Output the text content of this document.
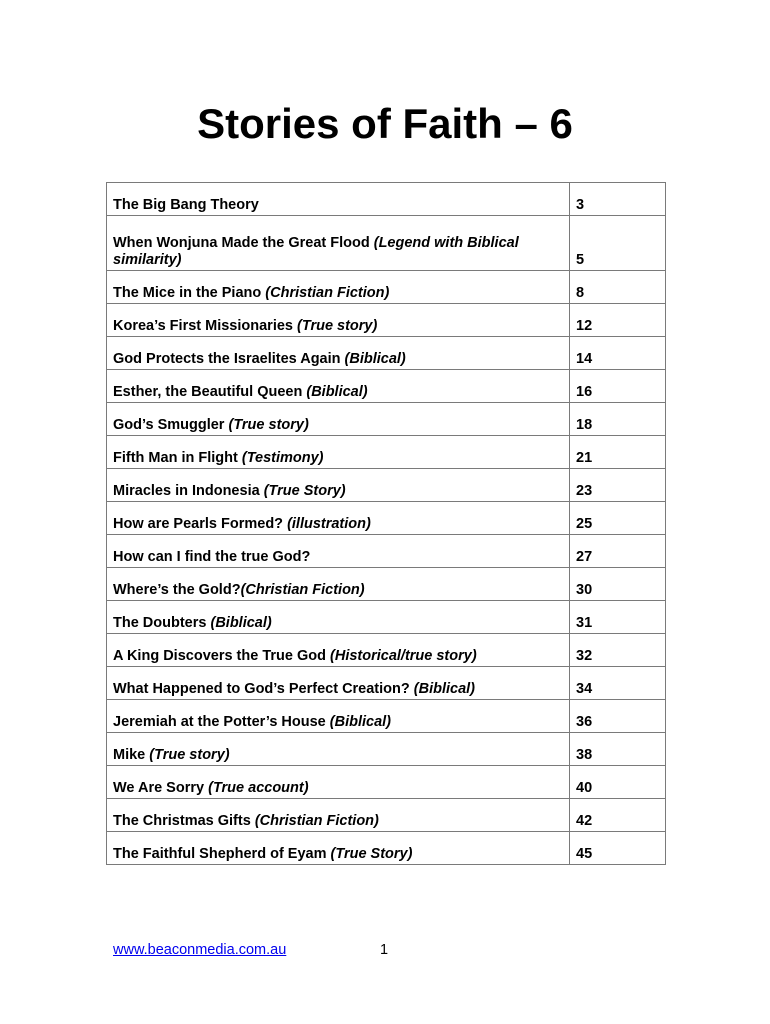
Stories of Faith – 6
The Big Bang Theory	3
When Wonjuna Made the Great Flood (Legend with Biblical similarity)	5
The Mice in the Piano (Christian Fiction)	8
Korea’s First Missionaries (True story)	12
God Protects the Israelites Again (Biblical)	14
Esther, the Beautiful Queen (Biblical)	16
God’s Smuggler (True story)	18
Fifth Man in Flight (Testimony)	21
Miracles in Indonesia (True Story)	23
How are Pearls Formed? (illustration)	25
How can I find the true God?	27
Where’s the Gold?(Christian Fiction)	30
The Doubters (Biblical)	31
A King Discovers the True God (Historical/true story)	32
What Happened to God’s Perfect Creation? (Biblical)	34
Jeremiah at the Potter’s House (Biblical)	36
Mike (True story)	38
We Are Sorry (True account)	40
The Christmas Gifts (Christian Fiction)	42
The Faithful Shepherd of Eyam (True Story)	45
www.beaconmedia.com.au	1
